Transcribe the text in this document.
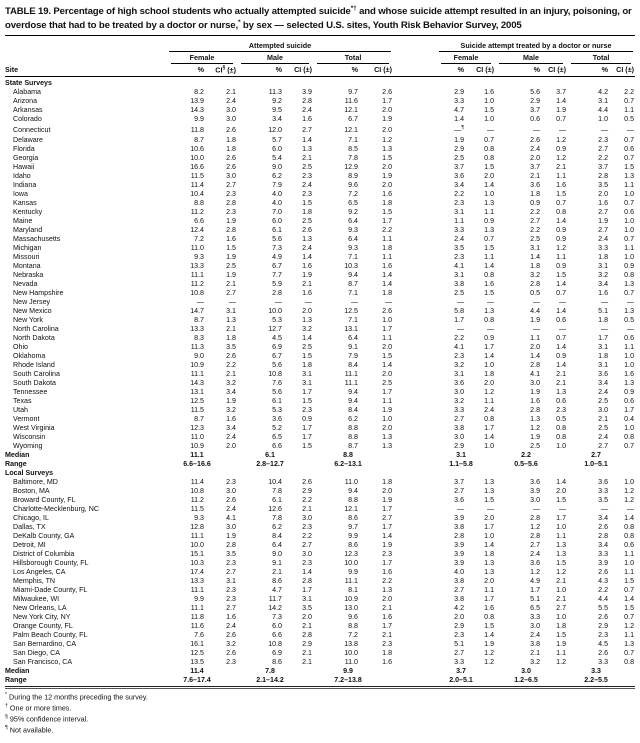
TABLE 19. Percentage of high school students who actually attempted suicide*† and whose suicide attempt resulted in an injury, poisoning, or overdose that had to be treated by a doctor or nurse,* by sex — selected U.S. sites, Youth Risk Behavior Survey, 2005

	Attempted suicide							Suicide attempt treated by a doctor or nurse					

	Female		Male		Total			Female		Male		Total	

Site	%	CI§ (±)	%	CI (±)	%	CI (±)		%	CI (±)	%	CI (±)	%	CI (±)
State Surveys													
Alabama	8.2	2.1	11.3	3.9	9.7	2.6		2.9	1.6	5.6	3.7	4.2	2.2
Arizona	13.9	2.4	9.2	2.8	11.6	1.7		3.3	1.0	2.9	1.4	3.1	0.7
Arkansas	14.3	3.0	9.5	2.4	12.1	2.0		4.7	1.5	3.7	1.9	4.4	1.1
Colorado	9.9	3.0	3.4	1.6	6.7	1.9		1.4	1.0	0.6	0.7	1.0	0.5
Connecticut	11.8	2.6	12.0	2.7	12.1	2.0		—¶	—	—	—	—	—
Delaware	8.7	1.8	5.7	1.4	7.1	1.2		1.9	0.7	2.6	1.2	2.3	0.7
Florida	10.6	1.8	6.0	1.3	8.5	1.3		2.9	0.8	2.4	0.9	2.7	0.6
Georgia	10.0	2.6	5.4	2.1	7.8	1.5		2.5	0.8	2.0	1.2	2.2	0.7
Hawaii	16.6	2.6	9.0	2.5	12.9	2.0		3.7	1.5	3.7	2.1	3.7	1.5
Idaho	11.5	3.0	6.2	2.3	8.9	1.9		3.6	2.0	2.1	1.1	2.8	1.3
Indiana	11.4	2.7	7.9	2.4	9.6	2.0		3.4	1.4	3.6	1.6	3.5	1.1
Iowa	10.4	2.3	4.0	2.3	7.2	1.6		2.2	1.0	1.8	1.5	2.0	1.0
Kansas	8.8	2.8	4.0	1.5	6.5	1.8		2.3	1.3	0.9	0.7	1.6	0.7
Kentucky	11.2	2.3	7.0	1.8	9.2	1.5		3.1	1.1	2.2	0.8	2.7	0.6
Maine	6.6	1.9	6.0	2.5	6.4	1.7		1.1	0.9	2.7	1.4	1.9	1.0
Maryland	12.4	2.8	6.1	2.6	9.3	2.2		3.3	1.3	2.2	0.9	2.7	1.0
Massachusetts	7.2	1.6	5.6	1.3	6.4	1.1		2.4	0.7	2.5	0.9	2.4	0.7
Michigan	11.0	1.5	7.3	2.4	9.3	1.8		3.5	1.5	3.1	1.2	3.3	1.1
Missouri	9.3	1.9	4.9	1.4	7.1	1.1		2.3	1.1	1.4	1.1	1.8	1.0
Montana	13.3	2.5	6.7	1.6	10.3	1.6		4.1	1.4	1.8	0.9	3.1	0.9
Nebraska	11.1	1.9	7.7	1.9	9.4	1.4		3.1	0.8	3.2	1.5	3.2	0.8
Nevada	11.2	2.1	5.9	2.1	8.7	1.4		3.8	1.6	2.8	1.4	3.4	1.3
New Hampshire	10.8	2.7	2.8	1.6	7.1	1.8		2.5	1.5	0.5	0.7	1.6	0.7
New Jersey	—	—	—	—	—	—		—	—	—	—	—	—
New Mexico	14.7	3.1	10.0	2.0	12.5	2.6		5.8	1.3	4.4	1.4	5.1	1.3
New York	8.7	1.3	5.3	1.3	7.1	1.0		1.7	0.8	1.9	0.6	1.8	0.5
North Carolina	13.3	2.1	12.7	3.2	13.1	1.7		—	—	—	—	—	—
North Dakota	8.3	1.8	4.5	1.4	6.4	1.1		2.2	0.9	1.1	0.7	1.7	0.6
Ohio	11.3	3.5	6.9	2.5	9.1	2.0		4.1	1.7	2.0	1.4	3.1	1.1
Oklahoma	9.0	2.6	6.7	1.5	7.9	1.5		2.3	1.4	1.4	0.9	1.8	1.0
Rhode Island	10.9	2.2	5.6	1.8	8.4	1.4		3.2	1.0	2.8	1.4	3.1	1.0
South Carolina	11.1	2.1	10.8	3.1	11.1	2.0		3.1	1.8	4.1	2.1	3.6	1.6
South Dakota	14.3	3.2	7.6	3.1	11.1	2.5		3.6	2.0	3.0	2.1	3.4	1.3
Tennessee	13.1	3.4	5.6	1.7	9.4	1.7		3.0	1.2	1.9	1.3	2.4	0.9
Texas	12.5	1.9	6.1	1.5	9.4	1.1		3.2	1.1	1.6	0.6	2.5	0.6
Utah	11.5	3.2	5.3	2.3	8.4	1.9		3.3	2.4	2.8	2.3	3.0	1.7
Vermont	8.7	1.6	3.6	0.9	6.2	1.0		2.7	0.8	1.3	0.5	2.1	0.4
West Virginia	12.3	3.4	5.2	1.7	8.8	2.0		3.8	1.7	1.2	0.8	2.5	1.0
Wisconsin	11.0	2.4	6.5	1.7	8.8	1.3		3.0	1.4	1.9	0.8	2.4	0.8
Wyoming	10.9	2.0	6.6	1.5	8.7	1.3		2.9	1.0	2.5	1.0	2.7	0.7
Median	11.1		6.1		8.8			3.1		2.2		2.7	
Range	6.6–16.6		2.8–12.7		6.2–13.1			1.1–5.8		0.5–5.6		1.0–5.1	
Local Surveys													
Baltimore, MD	11.4	2.3	10.4	2.6	11.0	1.8		3.7	1.3	3.6	1.4	3.6	1.0
Boston, MA	10.8	3.0	7.8	2.9	9.4	2.0		2.7	1.3	3.9	2.0	3.3	1.2
Broward County, FL	11.2	2.6	6.1	2.2	8.8	1.9		3.6	1.5	3.0	1.5	3.5	1.2
Charlotte-Mecklenburg, NC	11.5	2.4	12.6	2.1	12.1	1.7		—	—	—	—	—	—
Chicago, IL	9.3	4.1	7.8	3.0	8.6	2.7		3.9	2.0	2.8	1.7	3.4	1.4
Dallas, TX	12.8	3.0	6.2	2.3	9.7	1.7		3.8	1.7	1.2	1.0	2.6	0.8
DeKalb County, GA	11.1	1.9	8.4	2.2	9.9	1.4		2.8	1.0	2.8	1.1	2.8	0.8
Detroit, MI	10.0	2.8	6.4	2.7	8.6	1.9		3.9	1.4	2.7	1.3	3.4	0.6
District of Columbia	15.1	3.5	9.0	3.0	12.3	2.3		3.9	1.8	2.4	1.3	3.3	1.1
Hillsborough County, FL	10.3	2.3	9.1	2.3	10.0	1.7		3.9	1.3	3.6	1.5	3.9	1.0
Los Angeles, CA	17.4	2.7	2.1	1.4	9.9	1.6		4.0	1.3	1.2	1.2	2.6	1.1
Memphis, TN	13.3	3.1	8.6	2.8	11.1	2.2		3.8	2.0	4.9	2.1	4.3	1.5
Miami-Dade County, FL	11.1	2.3	4.7	1.7	8.1	1.3		2.7	1.1	1.7	1.0	2.2	0.7
Milwaukee, WI	9.9	2.3	11.7	3.1	10.9	2.0		3.8	1.7	5.1	2.1	4.4	1.4
New Orleans, LA	11.1	2.7	14.2	3.5	13.0	2.1		4.2	1.6	6.5	2.7	5.5	1.5
New York City, NY	11.8	1.6	7.3	2.0	9.6	1.6		2.0	0.8	3.3	1.0	2.6	0.7
Orange County, FL	11.6	2.4	6.0	2.1	8.8	1.7		2.9	1.5	3.0	1.8	2.9	1.2
Palm Beach County, FL	7.6	2.6	6.6	2.8	7.2	2.1		2.3	1.4	2.4	1.5	2.3	1.1
San Bernardino, CA	16.1	3.2	10.8	2.9	13.8	2.3		5.1	1.9	3.8	1.9	4.5	1.3
San Diego, CA	12.5	2.6	6.9	2.1	10.0	1.8		2.7	1.2	2.1	1.1	2.6	0.7
San Francisco, CA	13.5	2.3	8.6	2.1	11.0	1.6		3.3	1.2	3.2	1.2	3.3	0.8
Median	11.4		7.8		9.9			3.7		3.0		3.3	
Range	7.6–17.4		2.1–14.2		7.2–13.8			2.0–5.1		1.2–6.5		2.2–5.5	
* During the 12 months preceding the survey.
† One or more times.
§ 95% confidence interval.
¶ Not available.
